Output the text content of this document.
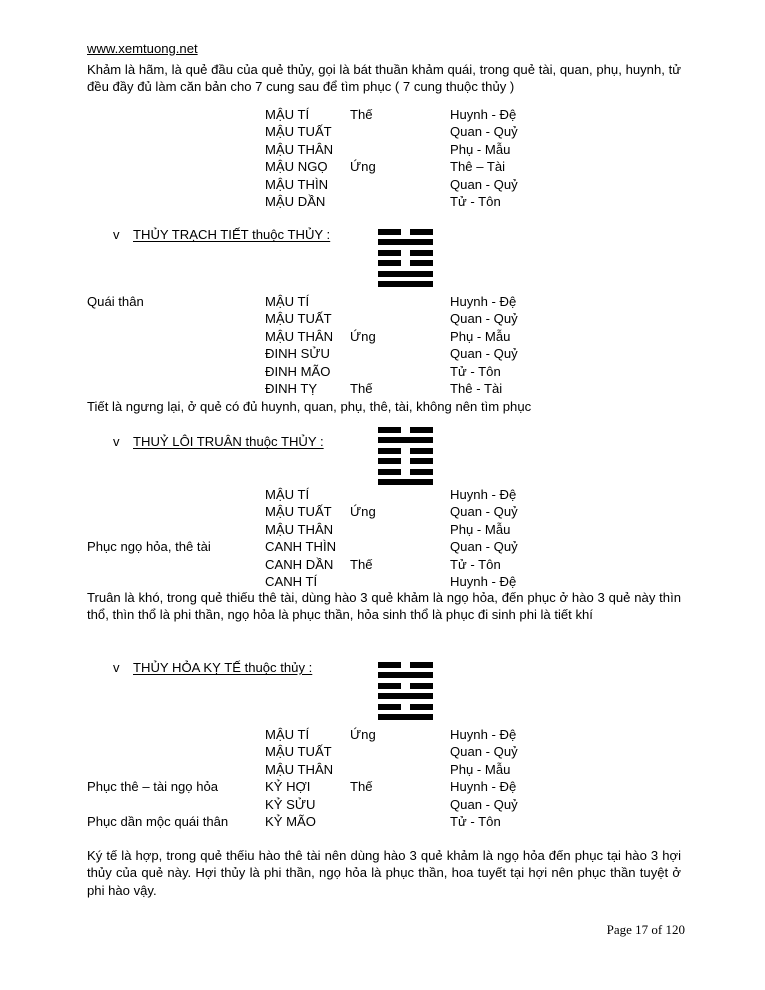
www.xemtuong.net
Khảm là hãm, là quẻ đầu của quẻ thủy, gọi là bát thuần khảm quái, trong quẻ tài, quan, phụ, huynh, tử đều đầy đủ làm căn bản cho 7 cung sau để tìm phục ( 7 cung thuộc thủy )
MẬU TÍ	Thế	Huynh - Đệ
MẬU TUẤT	Quan - Quỷ
MẬU THÂN	Phụ - Mẫu
MẬU NGỌ	Ứng	Thê – Tài
MẬU THÌN	Quan - Quỷ
MẬU DẦN	Tử - Tôn
v	THỦY TRẠCH TIẾT thuộc THỦY :
Quái thân	MẬU TÍ	Huynh - Đệ
MẬU TUẤT	Quan - Quỷ
MẬU THÂN	Ứng	Phụ - Mẫu
ĐINH SỬU	Quan - Quỷ
ĐINH MÃO	Tử - Tôn
ĐINH TỴ	Thế	Thê - Tài
Tiết là ngưng lại, ở quẻ có đủ huynh, quan, phụ, thê, tài, không nên tìm phục
v	THUỶ LÔI TRUÂN thuộc THỦY :
MẬU TÍ	Huynh - Đệ
MẬU TUẤT	Ứng	Quan - Quỷ
MẬU THÂN	Phụ - Mẫu
Phục ngọ hỏa, thê tài	CANH THÌN	Quan - Quỷ
CANH DẦN	Thế	Tử - Tôn
CANH TÍ	Huynh - Đệ
Truân là khó, trong quẻ thiếu thê tài, dùng hào 3 quẻ khảm là ngọ hỏa, đến phục ở hào 3 quẻ này thìn thổ, thìn thổ là phi thần, ngọ hỏa là phục thần, hỏa sinh thổ là phục đi sinh phi là tiết khí
v	THỦY HỎA KỴ TẾ thuộc thủy :
MẬU TÍ	Ứng	Huynh - Đệ
MẬU TUẤT	Quan - Quỷ
MẬU THÂN	Phụ - Mẫu
Phục thê – tài ngọ hỏa	KỶ HỢI	Thế	Huynh - Đệ
KỶ SỬU	Quan - Quỷ
Phục dần mộc quái thân	KỶ MÃO	Tử - Tôn
Ký tế là hợp, trong quẻ thếiu hào thê tài nên dùng hào 3 quẻ khảm là ngọ hỏa đến phục tại hào 3 hợi thủy của quẻ này. Hợi thủy là phi thần, ngọ hỏa là phục thần, hoa tuyết tại hợi nên phục thần tuyệt ở phi hào vậy.
Page 17 of 120
